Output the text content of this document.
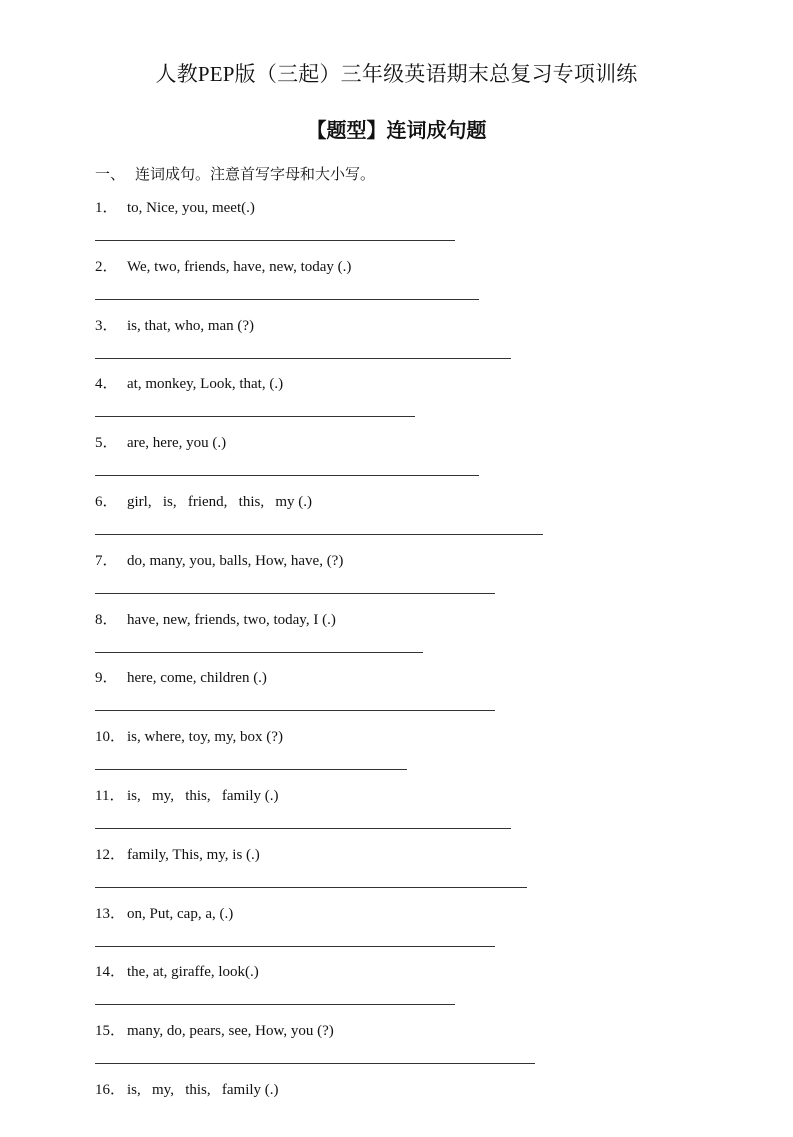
人教PEP版（三起）三年级英语期末总复习专项训练
【题型】连词成句题
一、 连词成句。注意首写字母和大小写。
1． to, Nice, you, meet(.)
2． We, two, friends, have, new, today (.)
3． is, that, who, man (?)
4． at, monkey, Look, that, (.)
5． are, here, you (.)
6． girl,   is,   friend,   this,   my (.)
7． do, many, you, balls, How, have, (?)
8． have, new, friends, two, today, I (.)
9． here, come, children (.)
10． is, where, toy, my, box (?)
11． is,   my,   this,   family (.)
12． family, This, my, is (.)
13． on, Put, cap, a, (.)
14． the, at, giraffe, look(.)
15． many, do, pears, see, How, you (?)
16． is,   my,   this,   family (.)
